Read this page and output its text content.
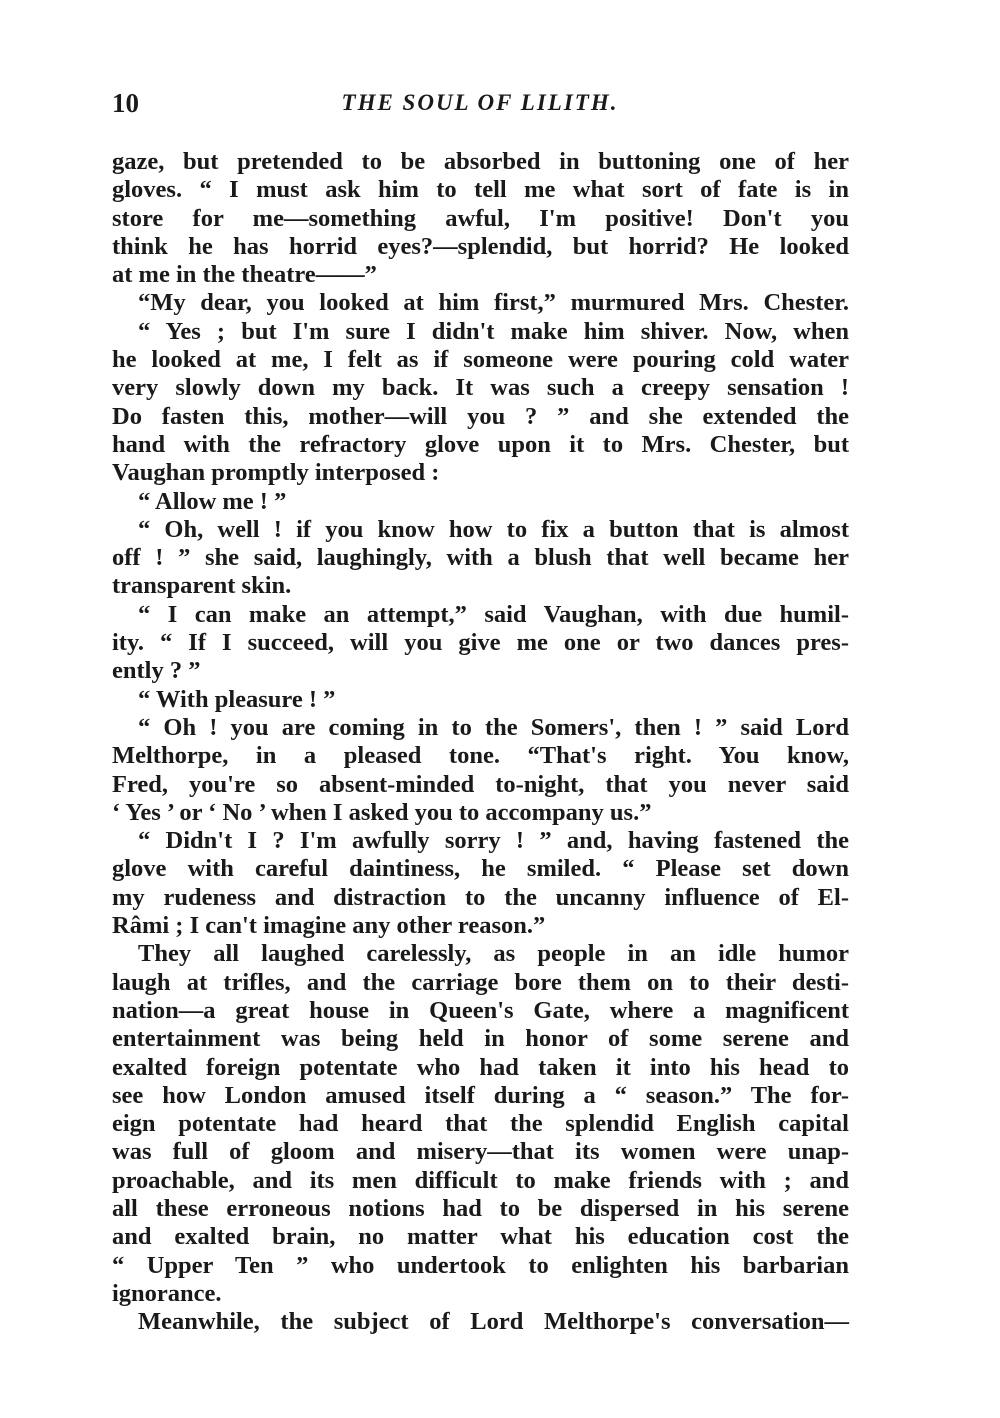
10	THE SOUL OF LILITH.
gaze, but pretended to be absorbed in buttoning one of her
gloves. “ I must ask him to tell me what sort of fate is in
store for me—something awful, I'm positive! Don't you
think he has horrid eyes?—splendid, but horrid? He looked
at me in the theatre——”
“My dear, you looked at him first,” murmured Mrs. Chester.
“ Yes ; but I'm sure I didn't make him shiver. Now, when
he looked at me, I felt as if someone were pouring cold water
very slowly down my back. It was such a creepy sensation !
Do fasten this, mother—will you ? ” and she extended the
hand with the refractory glove upon it to Mrs. Chester, but
Vaughan promptly interposed :
“ Allow me ! ”
“ Oh, well ! if you know how to fix a button that is almost
off ! ” she said, laughingly, with a blush that well became her
transparent skin.
“ I can make an attempt,” said Vaughan, with due humil-
ity. “ If I succeed, will you give me one or two dances pres-
ently ? ”
“ With pleasure ! ”
“ Oh ! you are coming in to the Somers', then ! ” said Lord
Melthorpe, in a pleased tone. “That's right. You know,
Fred, you're so absent-minded to-night, that you never said
‘ Yes ’ or ‘ No ’ when I asked you to accompany us.”
“ Didn't I ? I'm awfully sorry ! ” and, having fastened the
glove with careful daintiness, he smiled. “ Please set down
my rudeness and distraction to the uncanny influence of El-
Râmi ; I can't imagine any other reason.”
They all laughed carelessly, as people in an idle humor
laugh at trifles, and the carriage bore them on to their desti-
nation—a great house in Queen's Gate, where a magnificent
entertainment was being held in honor of some serene and
exalted foreign potentate who had taken it into his head to
see how London amused itself during a “ season.” The for-
eign potentate had heard that the splendid English capital
was full of gloom and misery—that its women were unap-
proachable, and its men difficult to make friends with ; and
all these erroneous notions had to be dispersed in his serene
and exalted brain, no matter what his education cost the
“ Upper Ten ” who undertook to enlighten his barbarian
ignorance.
Meanwhile, the subject of Lord Melthorpe's conversation—
